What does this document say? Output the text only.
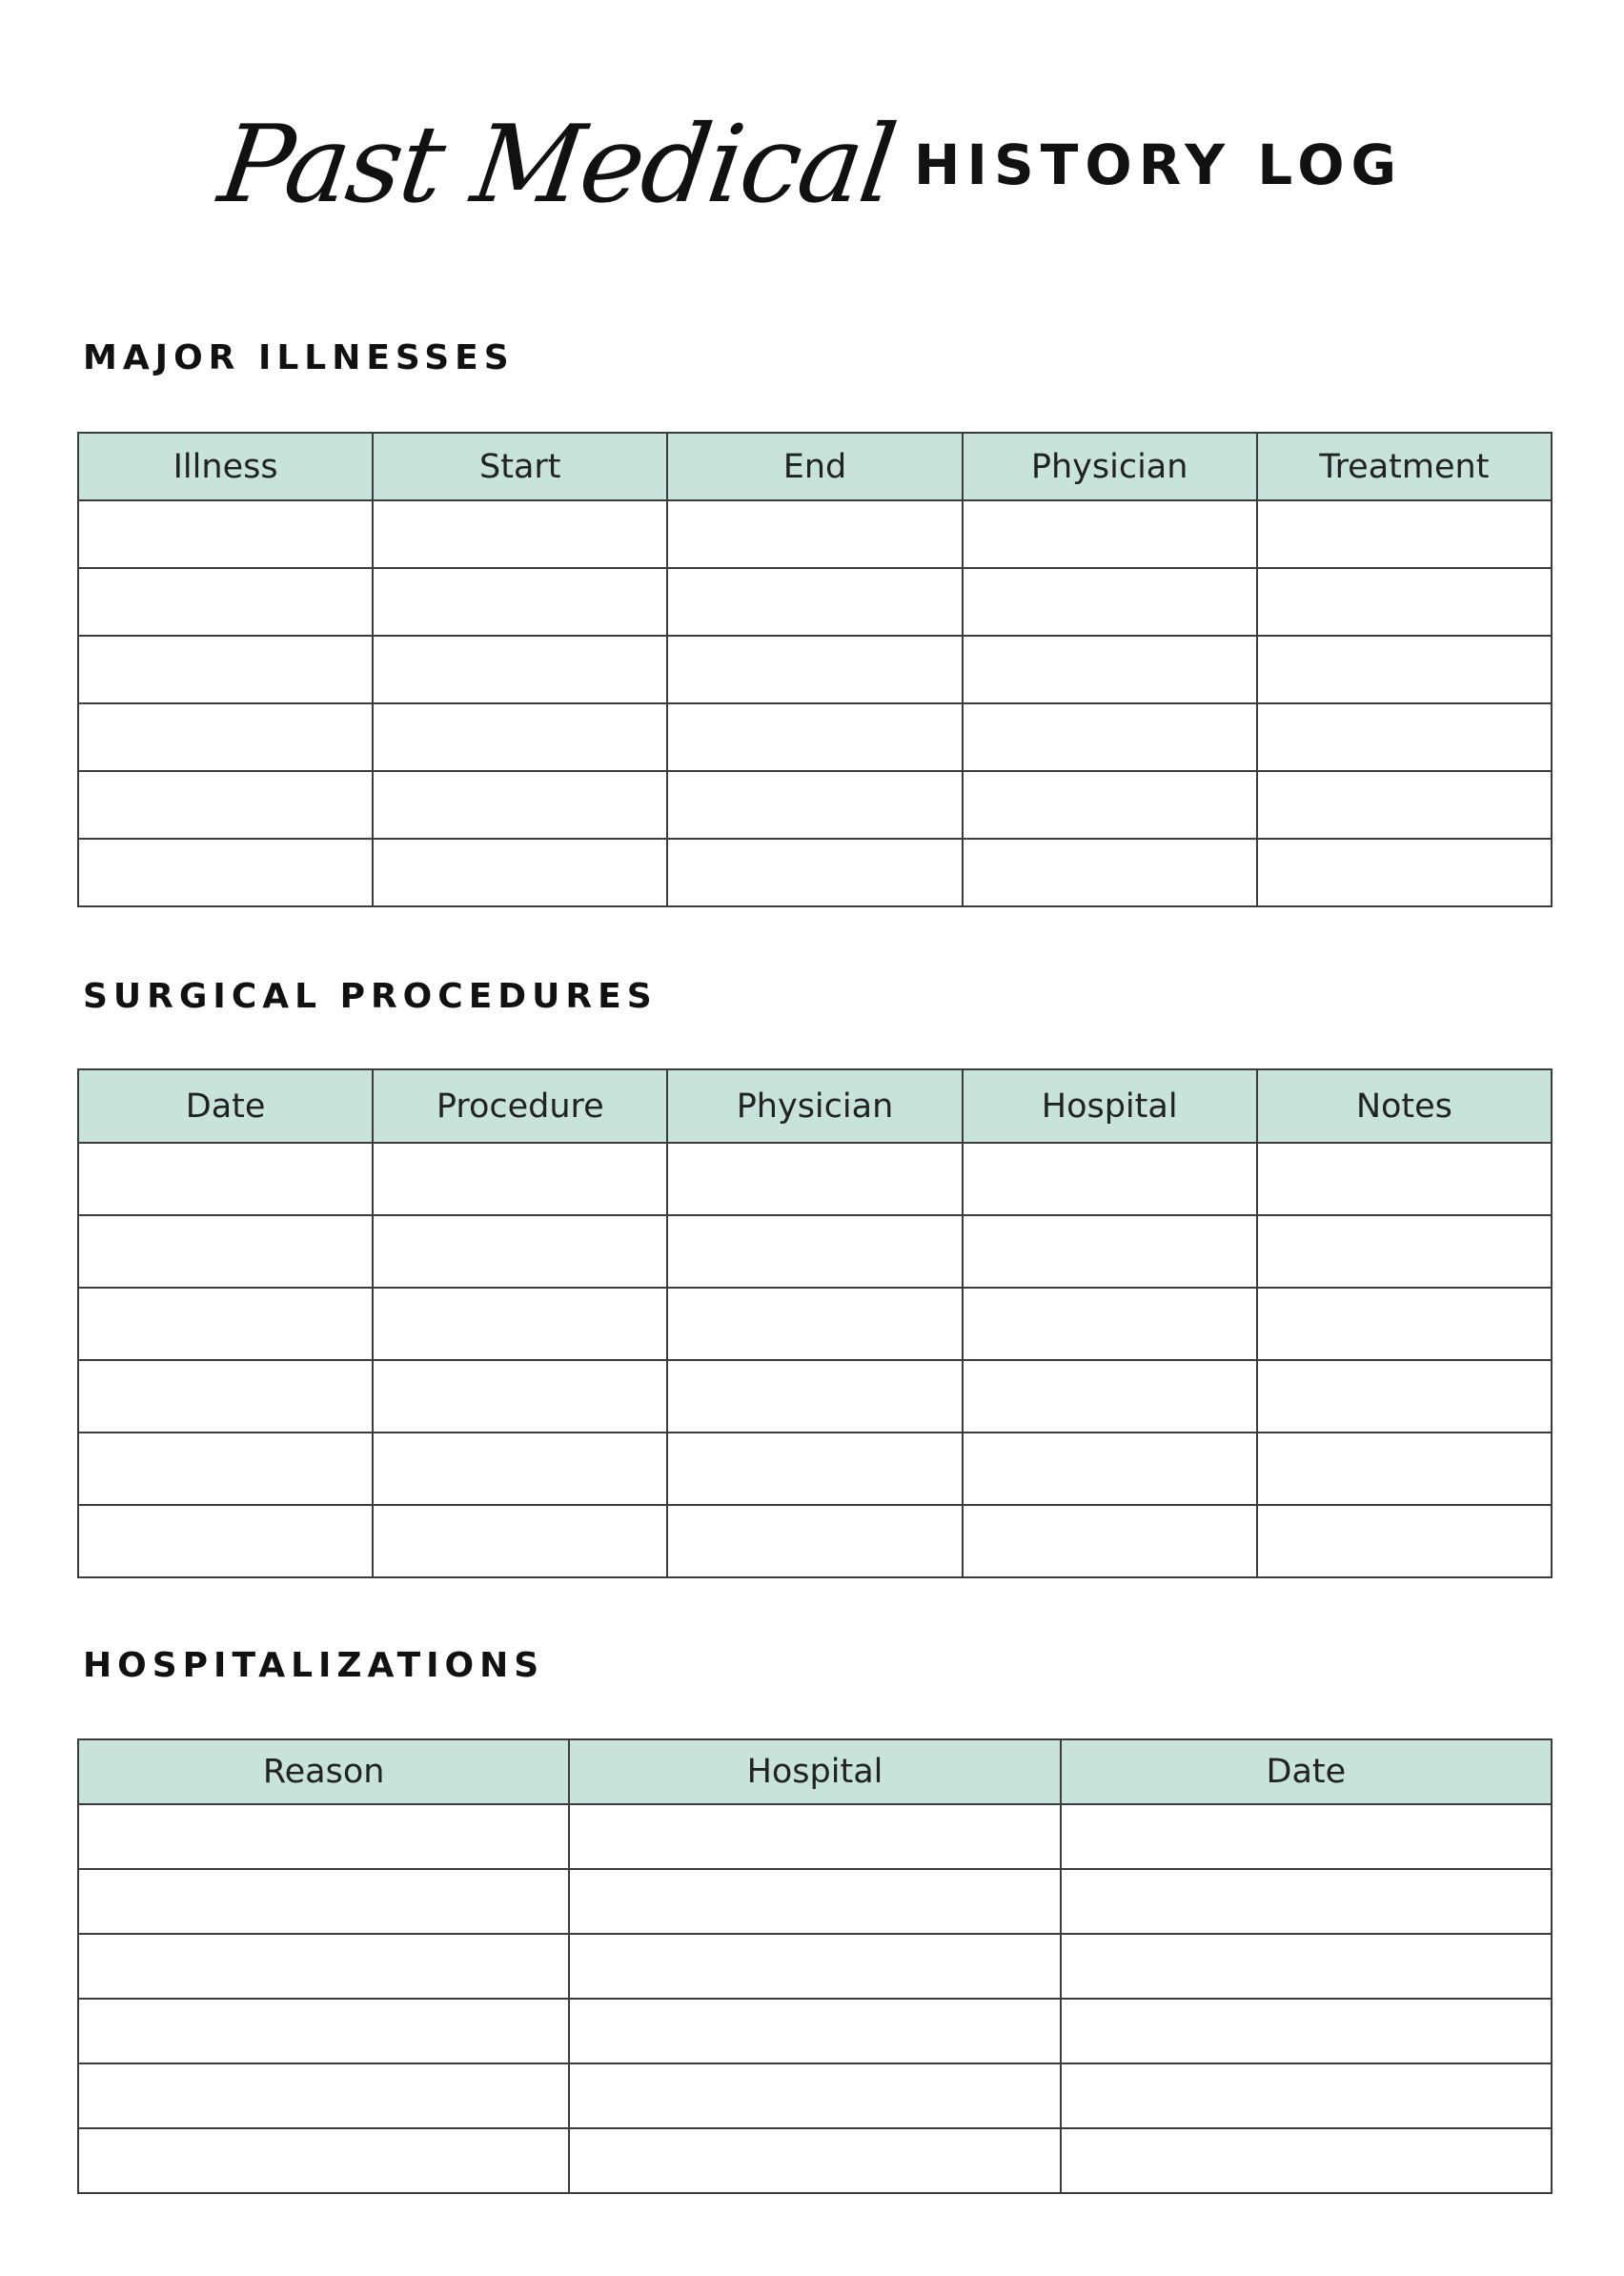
Past Medical HISTORY LOG
MAJOR ILLNESSES
Illness	Start	End	Physician	Treatment

SURGICAL PROCEDURES
Date	Procedure	Physician	Hospital	Notes

HOSPITALIZATIONS
Reason	Hospital	Date
